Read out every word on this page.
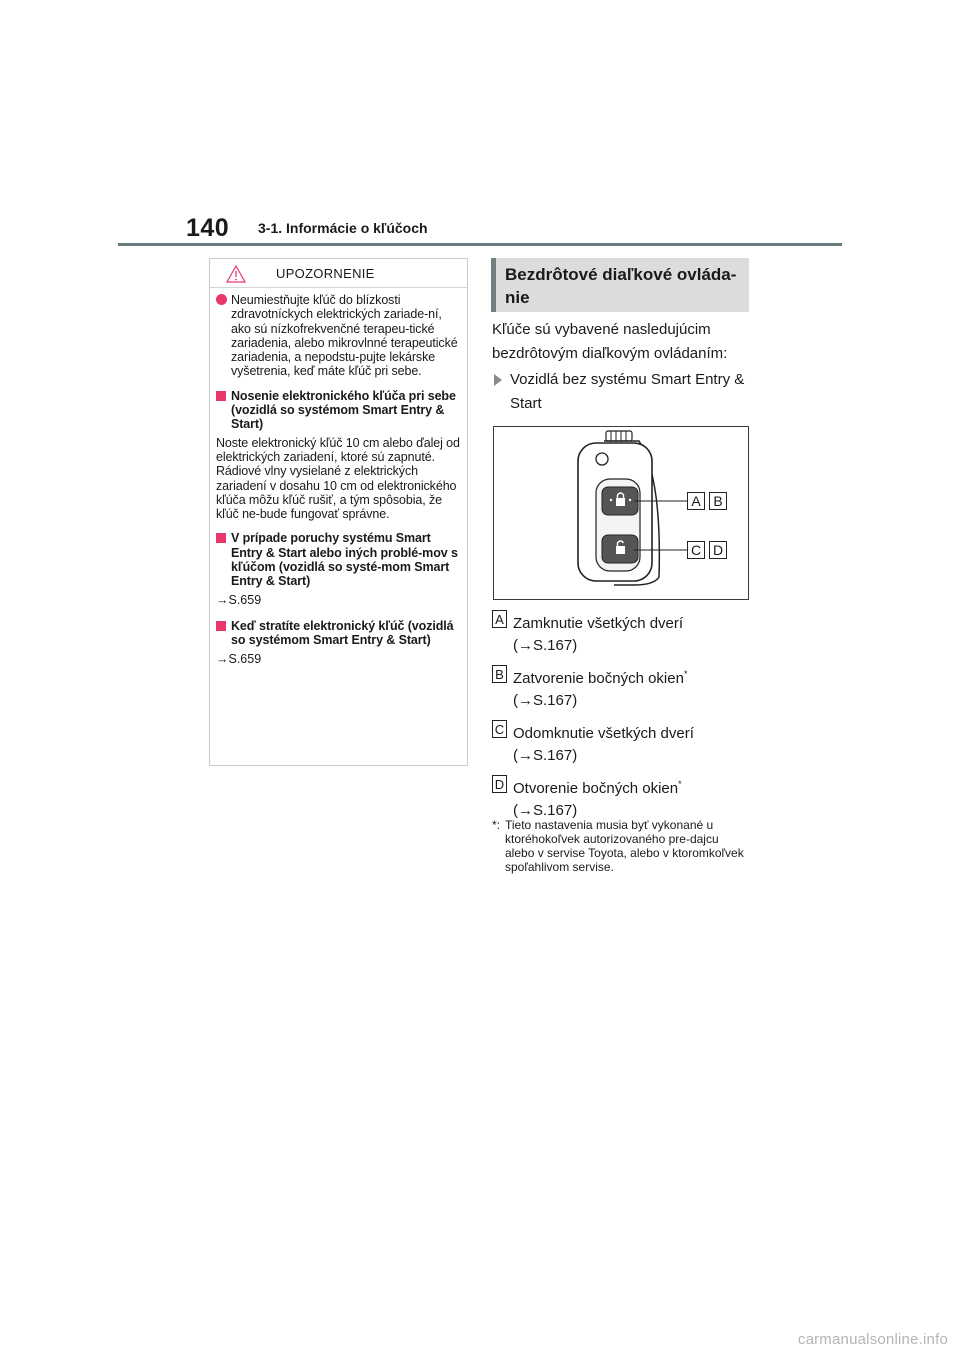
140 3-1. Informácie o kľúčoch
UPOZORNENIE
Neumiestňujte kľúč do blízkosti zdravotníckych elektrických zariade-ní, ako sú nízkofrekvenčné terapeu-tické zariadenia, alebo mikrovlnné terapeutické zariadenia, a nepodstu-pujte lekárske vyšetrenia, keď máte kľúč pri sebe.
Nosenie elektronického kľúča pri sebe (vozidlá so systémom Smart Entry & Start)
Noste elektronický kľúč 10 cm alebo ďalej od elektrických zariadení, ktoré sú zapnuté. Rádiové vlny vysielané z elektrických zariadení v dosahu 10 cm od elektronického kľúča môžu kľúč rušiť, a tým spôsobia, že kľúč ne-bude fungovať správne.
V prípade poruchy systému Smart Entry & Start alebo iných problé-mov s kľúčom (vozidlá so systé-mom Smart Entry & Start)
→S.659
Keď stratíte elektronický kľúč (vozidlá so systémom Smart Entry & Start)
→S.659
Bezdrôtové diaľkové ovláda-nie
Kľúče sú vybavené nasledujúcim bezdrôtovým diaľkovým ovládaním:
Vozidlá bez systému Smart Entry & Start
A B
C D
A Zamknutie všetkých dverí
(→S.167)
B Zatvorenie bočných okien*
(→S.167)
C Odomknutie všetkých dverí
(→S.167)
D Otvorenie bočných okien*
(→S.167)
*: Tieto nastavenia musia byť vykonané u ktoréhokoľvek autorizovaného pre-dajcu alebo v servise Toyota, alebo v ktoromkoľvek spoľahlivom servise.
carmanualsonline.info
